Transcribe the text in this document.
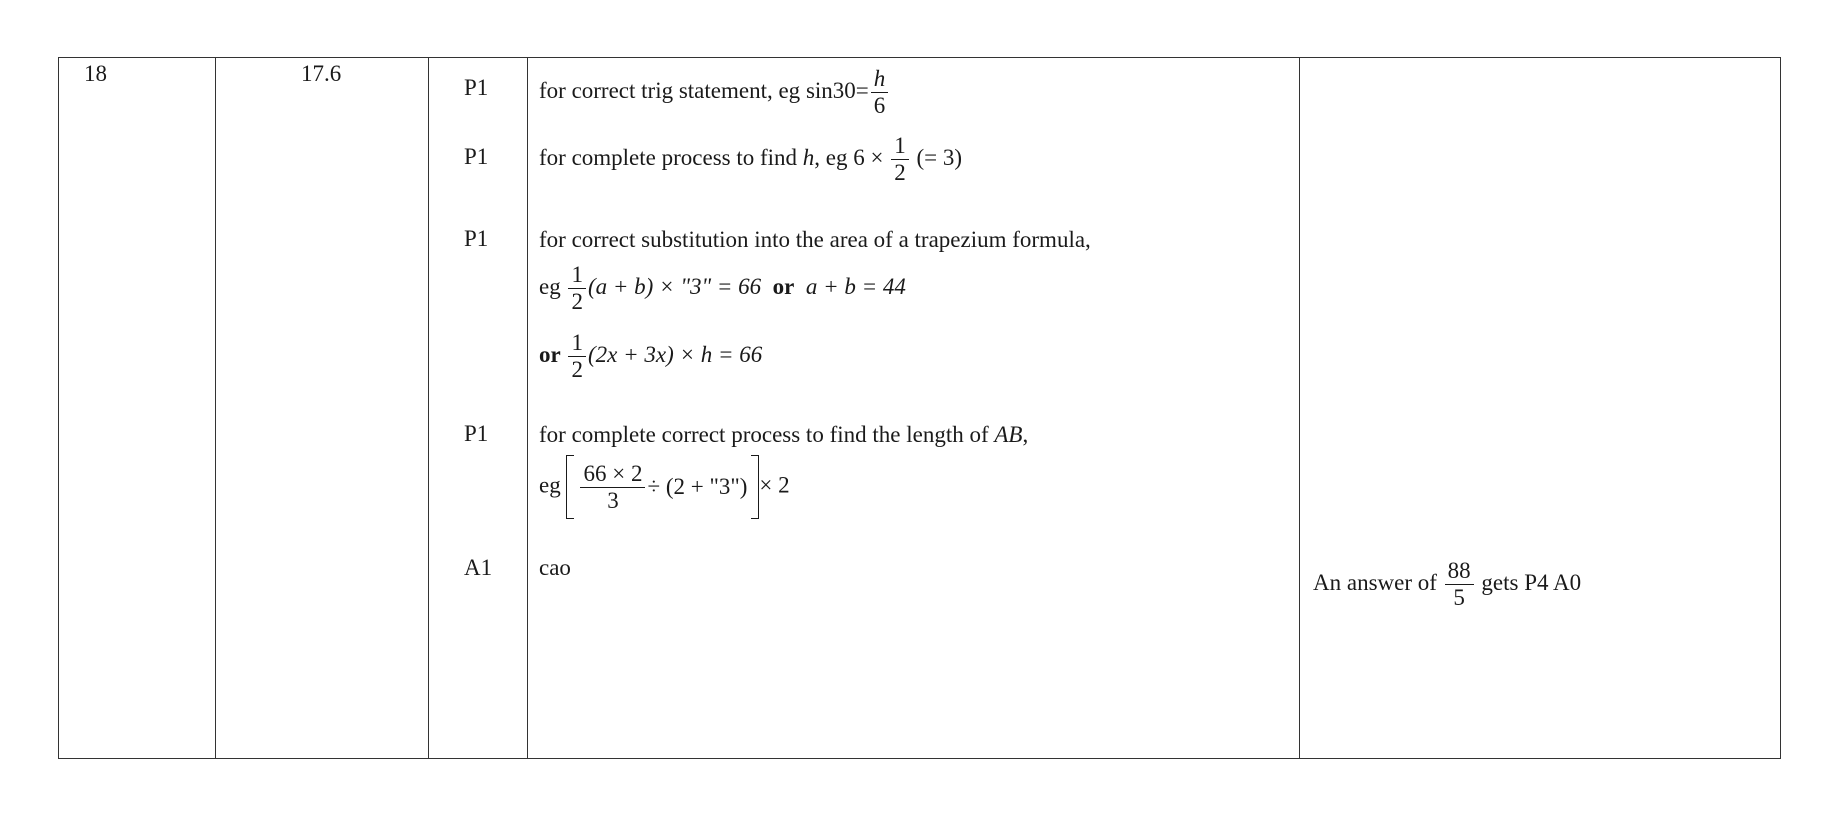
18	17.6
P1
P1
P1
P1
A1
for correct trig statement, eg $\sin 30= \frac{h}{6}$
for complete process to find h, eg $6 \times \frac{1}{2}$ (= 3)
for correct substitution into the area of a trapezium formula,
eg $\frac{1}{2} (a + b)$ × "3" = 66 or a + b = 44
or $\frac{1}{2} (2x + 3x) \times h = 66$
for complete correct process to find the length of AB,
eg $\frac{66 \times 2}{3} \div (2$ + "3") × 2
cao
An answer of $\frac{88}{5}$ gets P4 A0
